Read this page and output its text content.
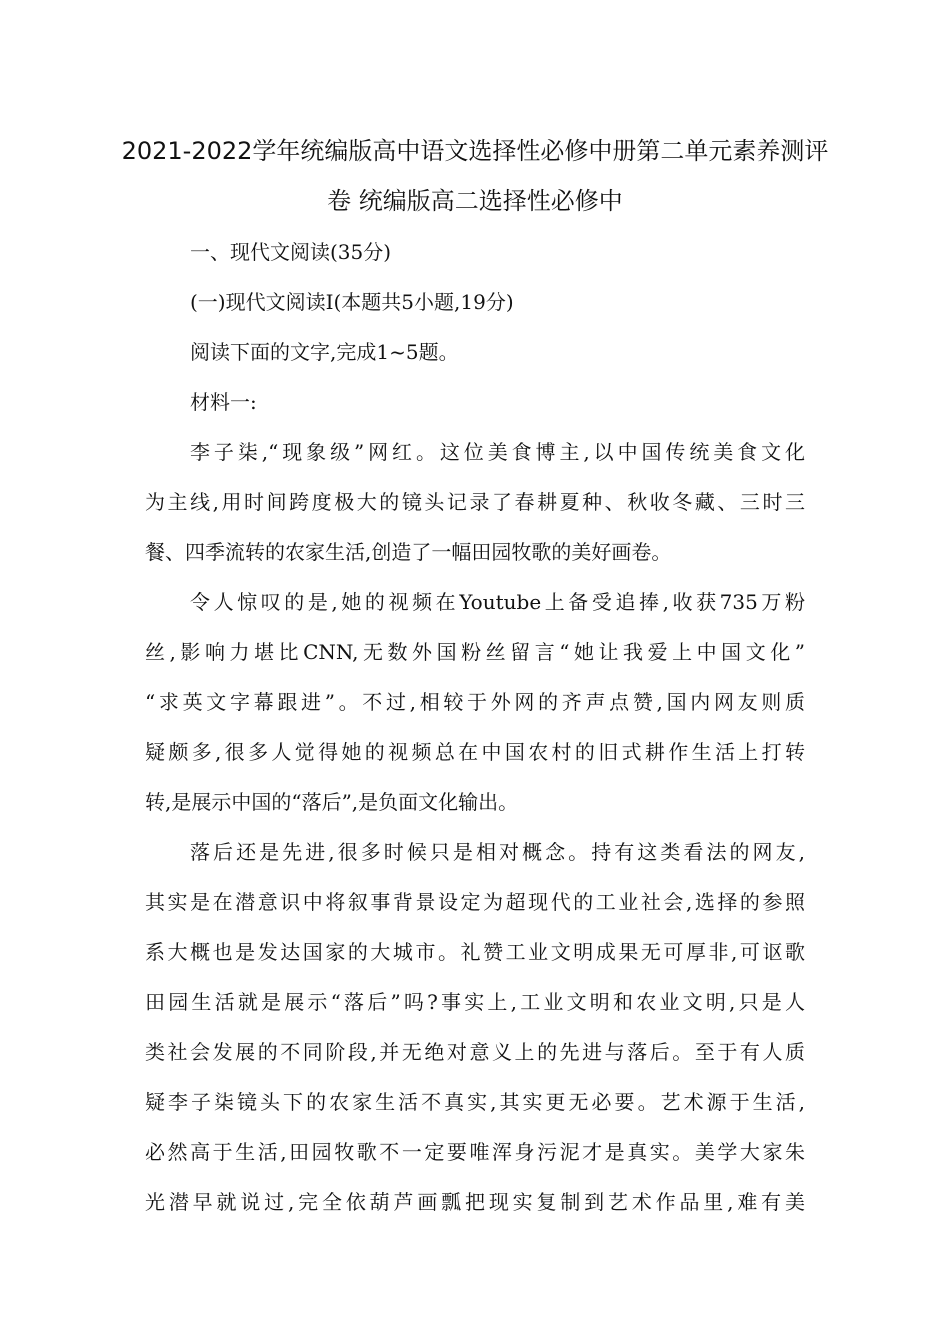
2021-2022学年统编版高中语文选择性必修中册第二单元素养测评
卷 统编版高二选择性必修中
一、现代文阅读(35分)
(一)现代文阅读Ⅰ(本题共5小题,19分)
阅读下面的文字,完成1~5题。
材料一:
李子柒,“现象级”网红。这位美食博主,以中国传统美食文化
为主线,用时间跨度极大的镜头记录了春耕夏种、秋收冬藏、三时三
餐、四季流转的农家生活,创造了一幅田园牧歌的美好画卷。
令人惊叹的是,她的视频在Youtube上备受追捧,收获735万粉
丝,影响力堪比CNN,无数外国粉丝留言“她让我爱上中国文化”
“求英文字幕跟进”。不过,相较于外网的齐声点赞,国内网友则质
疑颇多,很多人觉得她的视频总在中国农村的旧式耕作生活上打转
转,是展示中国的“落后”,是负面文化输出。
落后还是先进,很多时候只是相对概念。持有这类看法的网友,
其实是在潜意识中将叙事背景设定为超现代的工业社会,选择的参照
系大概也是发达国家的大城市。礼赞工业文明成果无可厚非,可讴歌
田园生活就是展示“落后”吗?事实上,工业文明和农业文明,只是人
类社会发展的不同阶段,并无绝对意义上的先进与落后。至于有人质
疑李子柒镜头下的农家生活不真实,其实更无必要。艺术源于生活,
必然高于生活,田园牧歌不一定要唯浑身污泥才是真实。美学大家朱
光潜早就说过,完全依葫芦画瓢把现实复制到艺术作品里,难有美
